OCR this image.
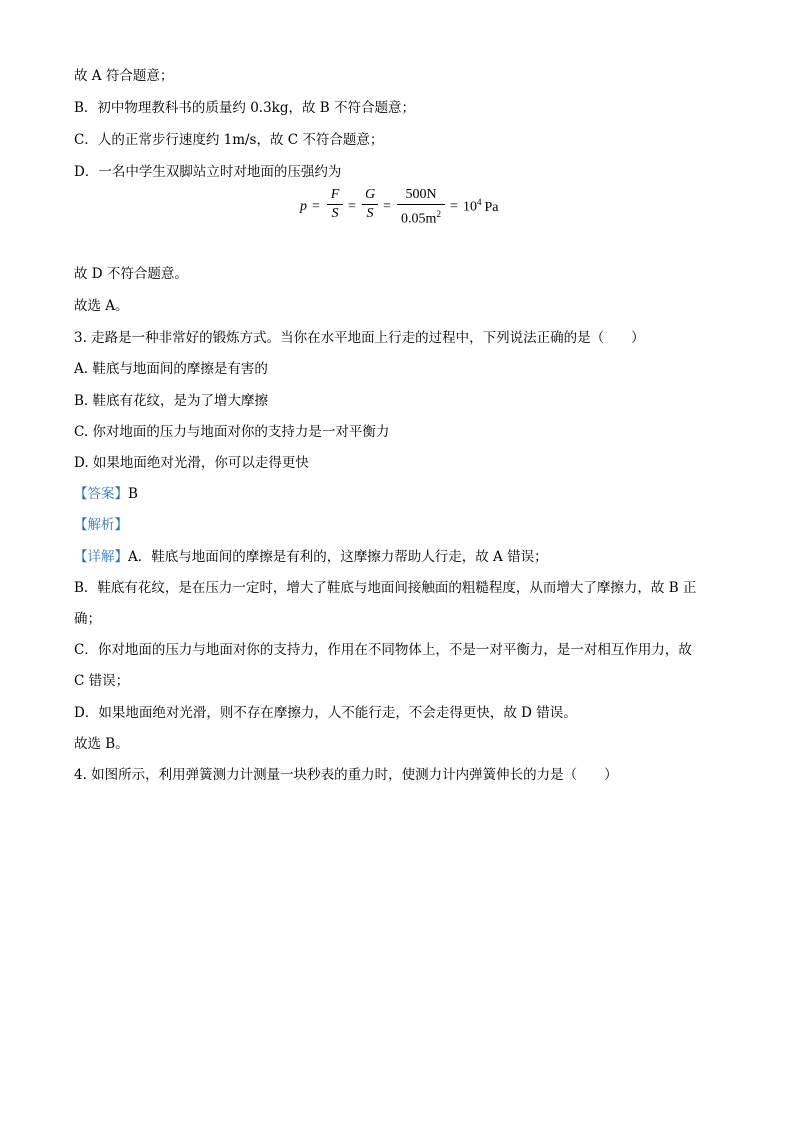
故 A 符合题意；
B．初中物理教科书的质量约 0.3kg，故 B 不符合题意；
C．人的正常步行速度约 1m/s，故 C 不符合题意；
D．一名中学生双脚站立时对地面的压强约为
p =
F
S =
G
S =
500N
$0.05m^2 = 10^4$ Pa
故 D 不符合题意。
故选 A。
3. 走路是一种非常好的锻炼方式。当你在水平地面上行走的过程中，下列说法正确的是（　　）
A. 鞋底与地面间的摩擦是有害的
B. 鞋底有花纹，是为了增大摩擦
C. 你对地面的压力与地面对你的支持力是一对平衡力
D. 如果地面绝对光滑，你可以走得更快
【答案】B
【解析】
【详解】A．鞋底与地面间的摩擦是有利的，这摩擦力帮助人行走，故 A 错误；
B．鞋底有花纹，是在压力一定时，增大了鞋底与地面间接触面的粗糙程度，从而增大了摩擦力，故 B 正
确；
C．你对地面的压力与地面对你的支持力，作用在不同物体上，不是一对平衡力，是一对相互作用力，故
C 错误；
D．如果地面绝对光滑，则不存在摩擦力，人不能行走，不会走得更快，故 D 错误。
故选 B。
4. 如图所示，利用弹簧测力计测量一块秒表的重力时，使测力计内弹簧伸长的力是（　　）
